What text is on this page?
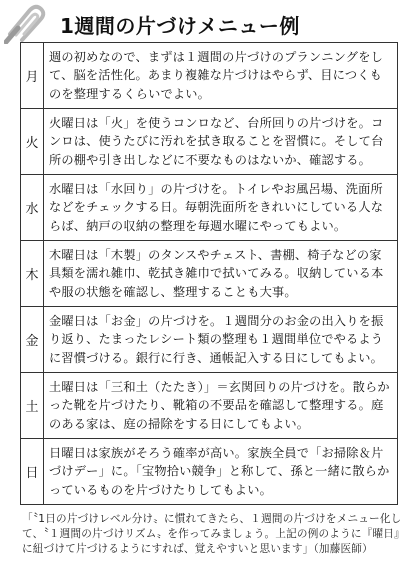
1週間の片づけメニュー例
月	週の初めなので、まずは１週間の片づけのプランニングをして、脳を活性化。あまり複雑な片づけはやらず、目につくものを整理するくらいでよい。
火	火曜日は「火」を使うコンロなど、台所回りの片づけを。コンロは、使うたびに汚れを拭き取ることを習慣に。そして台所の棚や引き出しなどに不要なものはないか、確認する。
水	水曜日は「水回り」の片づけを。トイレやお風呂場、洗面所などをチェックする日。毎朝洗面所をきれいにしている人ならば、納戸の収納の整理を毎週水曜にやってもよい。
木	木曜日は「木製」のタンスやチェスト、書棚、椅子などの家具類を濡れ雑巾、乾拭き雑巾で拭いてみる。収納している本や服の状態を確認し、整理することも大事。
金	金曜日は「お金」の片づけを。１週間分のお金の出入りを振り返り、たまったレシート類の整理も１週間単位でやるように習慣づける。銀行に行き、通帳記入する日にしてもよい。
土	土曜日は「三和土（たたき）」＝玄関回りの片づけを。散らかった靴を片づけたり、靴箱の不要品を確認して整理する。庭のある家は、庭の掃除をする日にしてもよい。
日	日曜日は家族がそろう確率が高い。家族全員で「お掃除＆片づけデー」に。「宝物拾い競争」と称して、孫と一緒に散らかっているものを片づけたりしてもよい。
「〝1日の片づけレベル分け〟に慣れてきたら、１週間の片づけをメニュー化して、〝１週間の片づけリズム〟を作ってみましょう。上記の例のように『曜日』に紐づけて片づけるようにすれば、覚えやすいと思います」（加藤医師）
